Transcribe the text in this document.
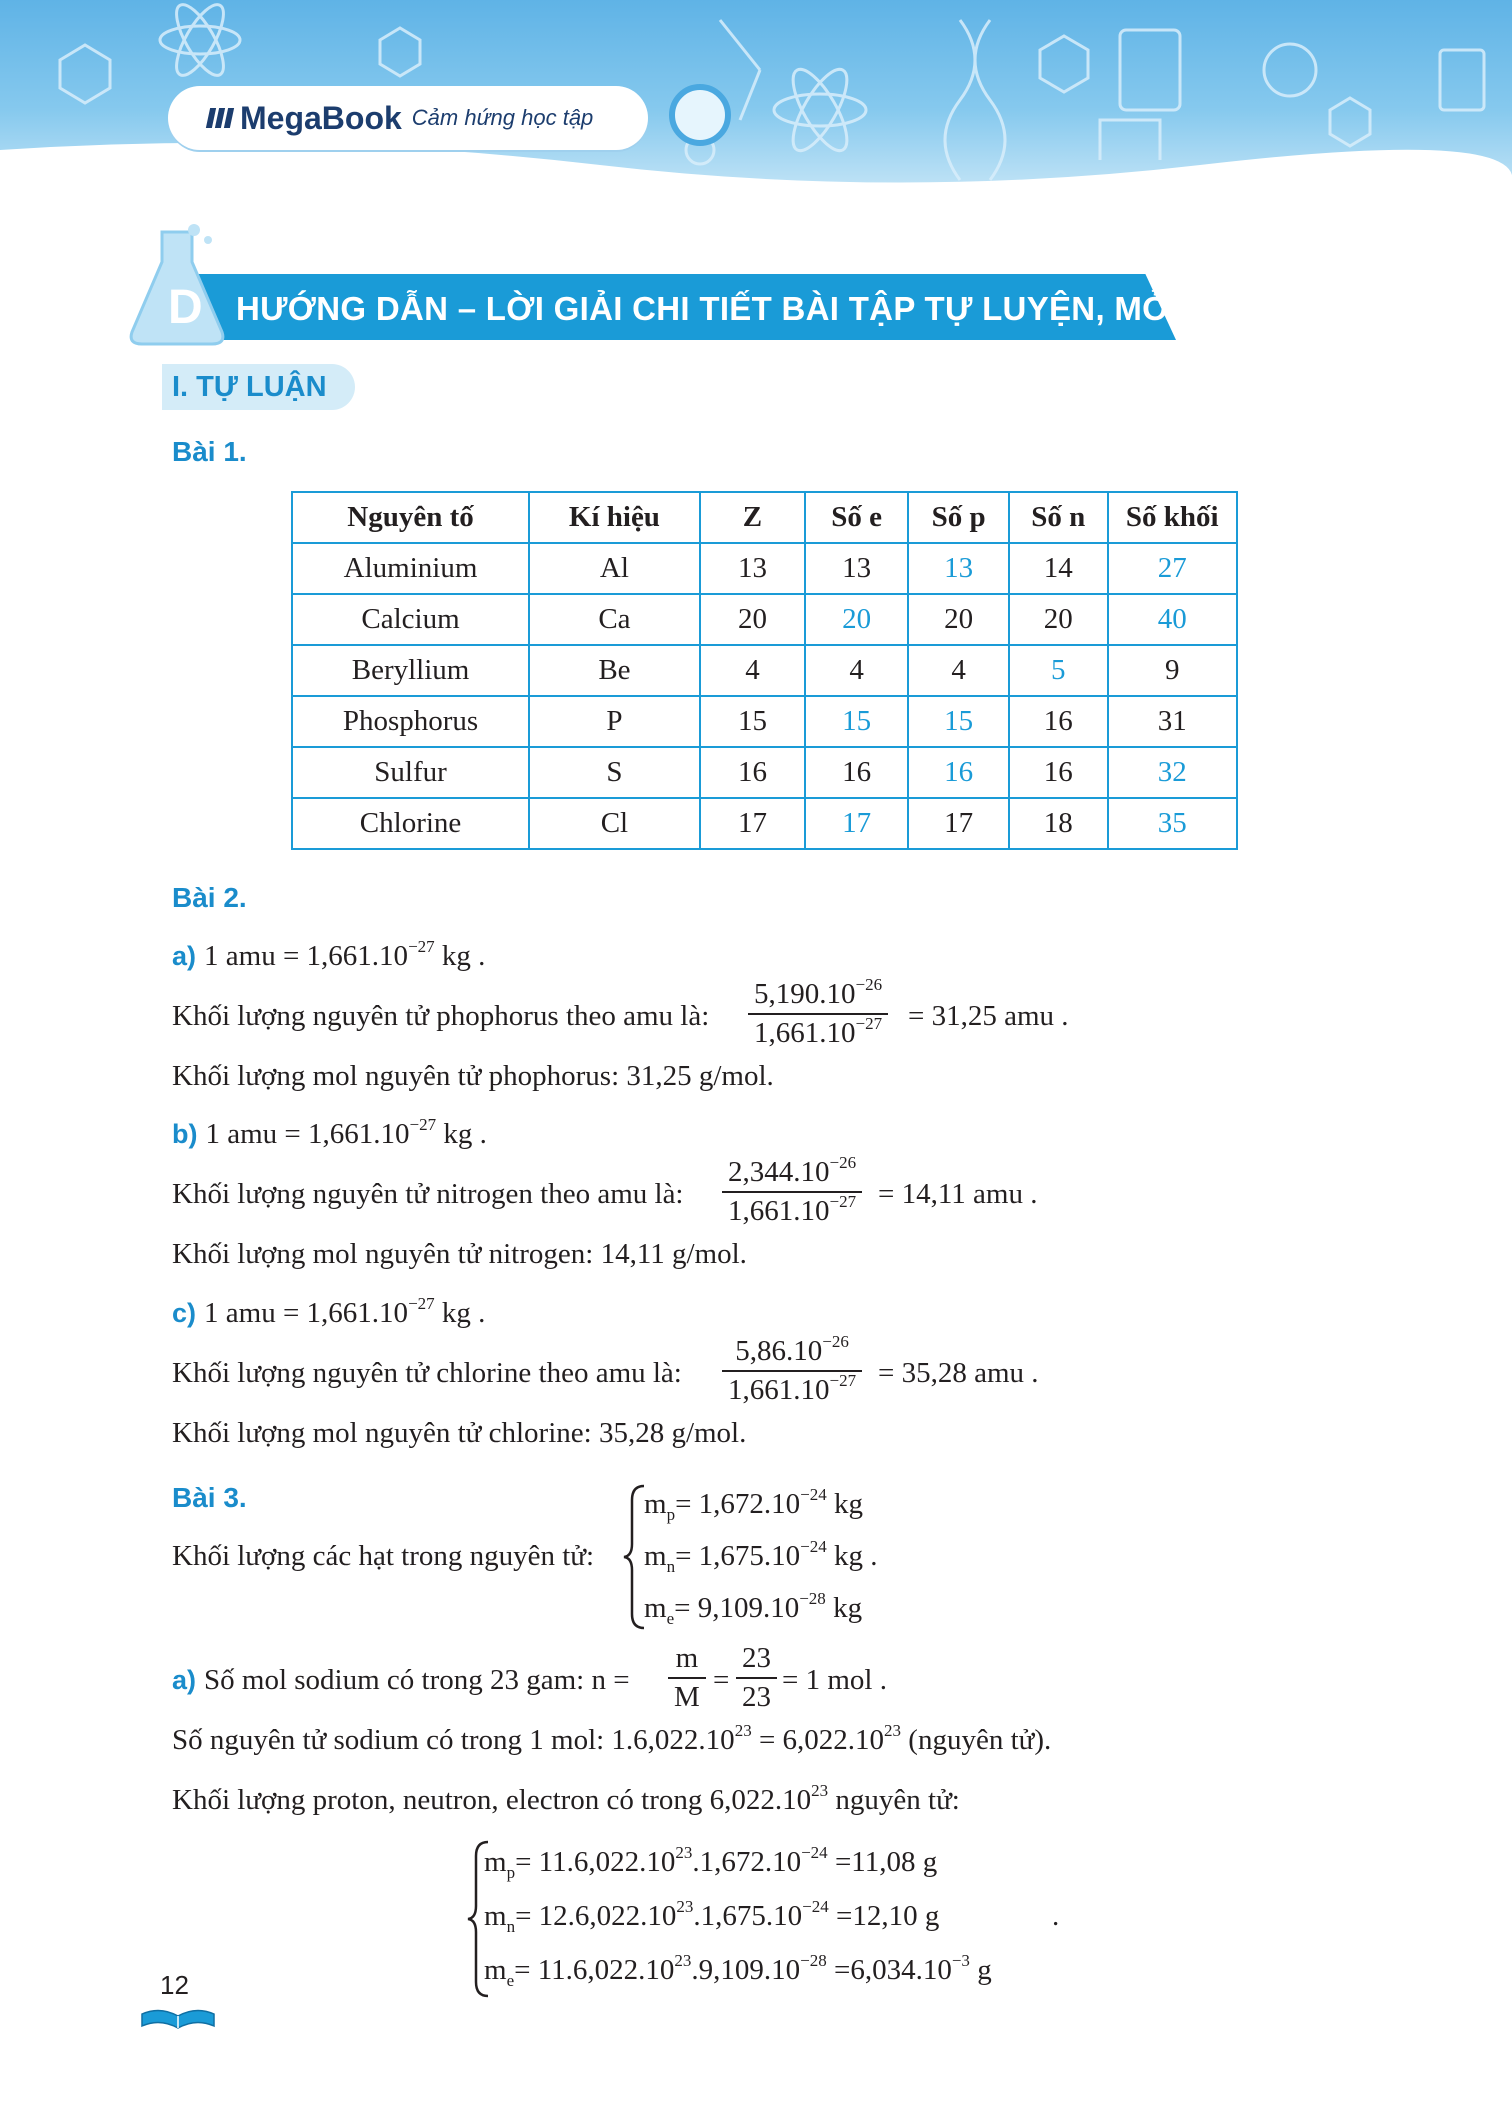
MegaBook Cảm hứng học tập
D HƯỚNG DẪN – LỜI GIẢI CHI TIẾT BÀI TẬP TỰ LUYỆN, MỞ RỘNG
I. TỰ LUẬN
Bài 1.
Nguyên tố	Kí hiệu	Z	Số e	Số p	Số n	Số khối
Aluminium	Al	13	13	13	14	27
Calcium	Ca	20	20	20	20	40
Beryllium	Be	4	4	4	5	9
Phosphorus	P	15	15	15	16	31
Sulfur	S	16	16	16	16	32
Chlorine	Cl	17	17	17	18	35
Bài 2.
a) 1 amu = $1,661.10^{-27}$ kg .
Khối lượng nguyên tử phophorus theo amu là: $\frac{5,190.10^{-26}}{1,661.10^{-27}} = 31,25$ amu .
Khối lượng mol nguyên tử phophorus: 31,25 g/mol.
b) 1 amu = $1,661.10^{-27}$ kg .
Khối lượng nguyên tử nitrogen theo amu là: $\frac{2,344.10^{-26}}{1,661.10^{-27}} = 14,11$ amu .
Khối lượng mol nguyên tử nitrogen: 14,11 g/mol.
c) 1 amu = $1,661.10^{-27}$ kg .
Khối lượng nguyên tử chlorine theo amu là: $\frac{5,86.10^{-26}}{1,661.10^{-27}} = 35,28$ amu .
Khối lượng mol nguyên tử chlorine: 35,28 g/mol.
Bài 3.
Khối lượng các hạt trong nguyên tử:
$m_p= 1,672.10^{-24}$ kg
$m_n= 1,675.10^{-24}$ kg .
$m_e= 9,109.10^{-28}$ kg
a) Số mol sodium có trong 23 gam: $n = \frac{m}{M} = \frac{23}{23} = 1$ mol .
Số nguyên tử sodium có trong 1 mol: $1.6,022.10^{23} = 6,022.10^{23}$ (nguyên tử).
Khối lượng proton, neutron, electron có trong 6,022.10$^{23}$ nguyên tử:
$m_p= 11.6,022.10^{23}.1,672.10^{-24} =11,08$ g
$m_n= 12.6,022.10^{23}.1,675.10^{-24} =12,10$ g
$m_e= 11.6,022.10^{23}.9,109.10^{-28} =6,034.10^{-3}$ g
.
12
